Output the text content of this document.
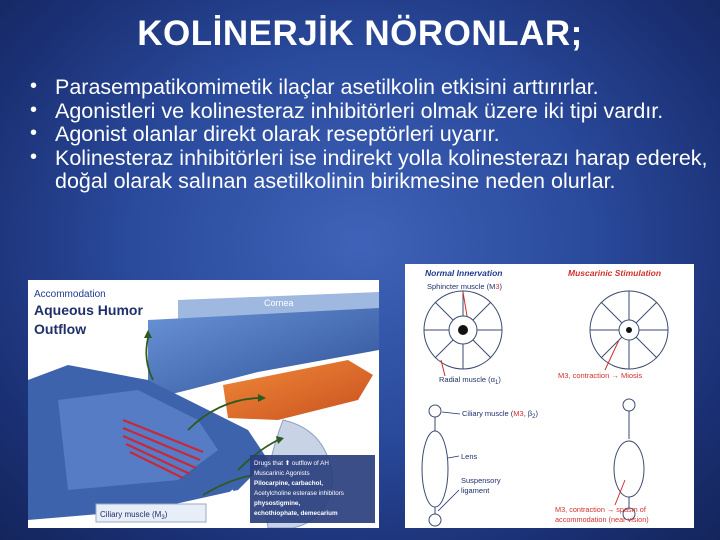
KOLİNERJİK NÖRONLAR;
• Parasempatikomimetik ilaçlar asetilkolin etkisini arttırırlar.
• Agonistleri ve kolinesteraz inhibitörleri olmak üzere iki tipi vardır.
• Agonist olanlar direkt olarak reseptörleri uyarır.
• Kolinesteraz inhibitörleri ise indirekt yolla kolinesterazı harap ederek, doğal olarak salınan asetilkolinin birikmesine neden olurlar.
Accommodation
Aqueous Humor
Outflow
Cornea
Canal of Schlemm
Drugs that ⬆ outflow of AH
Muscarinic Agonists
Pilocarpine, carbachol,
Acetylcholine esterase inhibitors
physostigmine,
echothiophate, demecarium
Ciliary muscle $(M_3)$
Normal Innervation	Muscarinic Stimulation
Sphincter muscle (M3)
Radial muscle $(\alpha_1)$	M3, contraction → Miosis
Ciliary muscle (M3, $\beta_2$)
Lens
Suspensory
ligament
M3, contraction → spasm of
accommodation (near vision)
